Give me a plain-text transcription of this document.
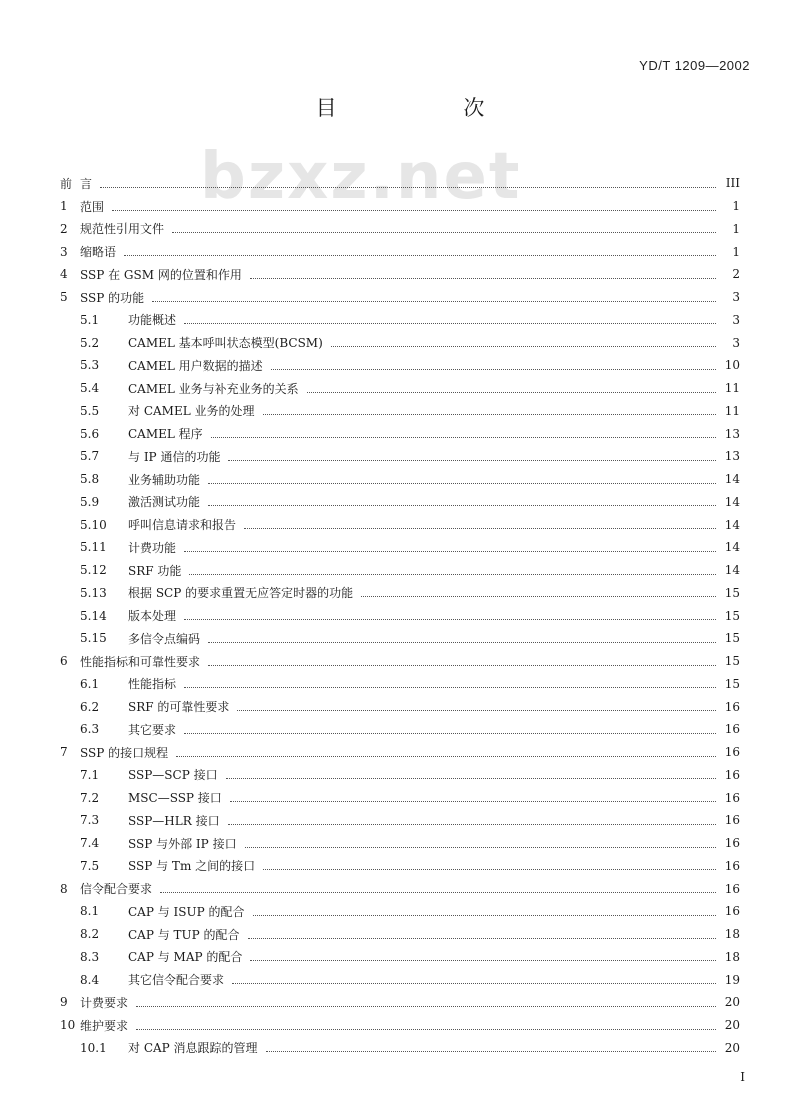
YD/T 1209—2002
bzxz.net
目 次
前 言	III
1	范围	1
2	规范性引用文件	1
3	缩略语	1
4	SSP 在 GSM 网的位置和作用	2
5	SSP 的功能	3
5.1	功能概述	3
5.2	CAMEL 基本呼叫状态模型(BCSM)	3
5.3	CAMEL 用户数据的描述	10
5.4	CAMEL 业务与补充业务的关系	11
5.5	对 CAMEL 业务的处理	11
5.6	CAMEL 程序	13
5.7	与 IP 通信的功能	13
5.8	业务辅助功能	14
5.9	激活测试功能	14
5.10	呼叫信息请求和报告	14
5.11	计费功能	14
5.12	SRF 功能	14
5.13	根据 SCP 的要求重置无应答定时器的功能	15
5.14	版本处理	15
5.15	多信令点编码	15
6	性能指标和可靠性要求	15
6.1	性能指标	15
6.2	SRF 的可靠性要求	16
6.3	其它要求	16
7	SSP 的接口规程	16
7.1	SSP—SCP 接口	16
7.2	MSC—SSP 接口	16
7.3	SSP—HLR 接口	16
7.4	SSP 与外部 IP 接口	16
7.5	SSP 与 Tm 之间的接口	16
8	信令配合要求	16
8.1	CAP 与 ISUP 的配合	16
8.2	CAP 与 TUP 的配合	18
8.3	CAP 与 MAP 的配合	18
8.4	其它信令配合要求	19
9	计费要求	20
10 维护要求	20
10.1	对 CAP 消息跟踪的管理	20
I
